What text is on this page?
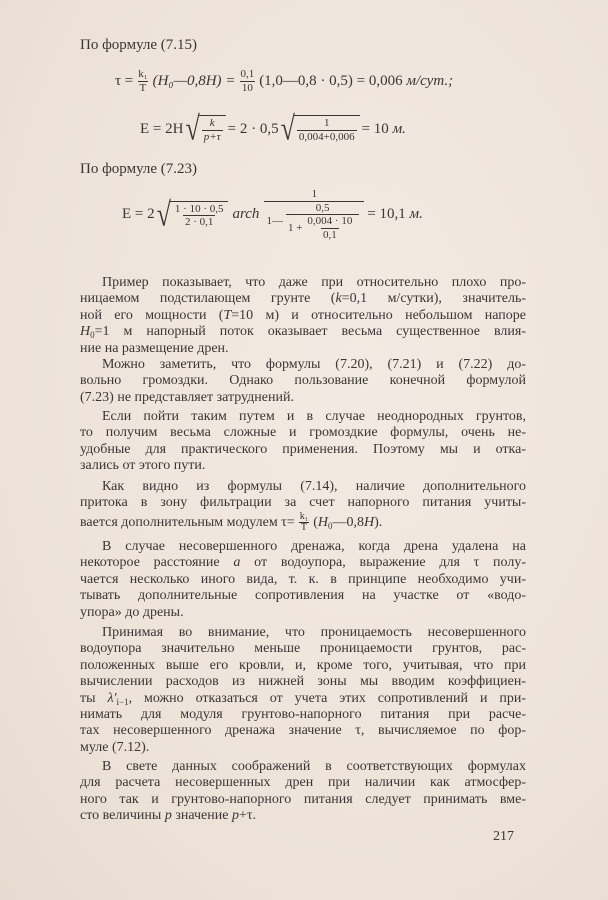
По формуле (7.15)
$\tau = \frac{\text{k₁}}{T}$ (H₀—0,8H) = $\frac{0,1}{10}$ (1,0—0,8 · 0,5) = 0,006
м/сут.;
E = 2H √ $\frac{k}{p+\tau} = 2 \cdot 0,5$ √ $\frac{1}{0,004+0,006} = 10$
м.
По формуле (7.23)
E = 2 √ $\frac{1 \cdot 10 \cdot 0,5}{2 \cdot 0,1}$ arch $\frac{1}{1— \frac{0,5}{1 + \frac{0,004 \cdot 10}{0,1}}} = 10,1$
м.
Пример показывает, что даже при относительно плохо про-
ницаемом подстилающем грунте (k=0,1 м/сутки), значитель-
ной его мощности (T=10 м) и относительно небольшом напоре
$H_0=1$ м напорный поток оказывает весьма существенное влия-
ние на размещение дрен.
Можно заметить, что формулы (7.20), (7.21) и (7.22) до-
вольно громоздки. Однако пользование конечной формулой
(7.23) не представляет затруднений.
Если пойти таким путем и в случае неоднородных грунтов,
то получим весьма сложные и громоздкие формулы, очень не-
удобные для практического применения. Поэтому мы и отка-
зались от этого пути.
Как видно из формулы (7.14), наличие дополнительного
притока в зону фильтрации за счет напорного питания учиты-
вается дополнительным модулем $\tau= \frac{\text{k₁}}{T}$ $(H_0—0,8H)$.
В случае несовершенного дренажа, когда дрена удалена на
некоторое расстояние a от водоупора, выражение для τ полу-
чается несколько иного вида, т. к. в принципе необходимо учи-
тывать дополнительные сопротивления на участке от «водо-
упора» до дрены.
Принимая во внимание, что проницаемость несовершенного
водоупора значительно меньше проницаемости грунтов, рас-
положенных выше его кровли, и, кроме того, учитывая, что при
вычислении расходов из нижней зоны мы вводим коэффициен-
ты $\lambda'_{i-1}$, можно отказаться от учета этих сопротивлений и при-
нимать для модуля грунтово-напорного питания при расче-
тах несовершенного дренажа значение τ, вычисляемое по фор-
муле (7.12).
В свете данных соображений в соответствующих формулах
для расчета несовершенных дрен при наличии как атмосфер-
ного так и грунтово-напорного питания следует принимать вме-
сто величины p значение p+τ.
217
